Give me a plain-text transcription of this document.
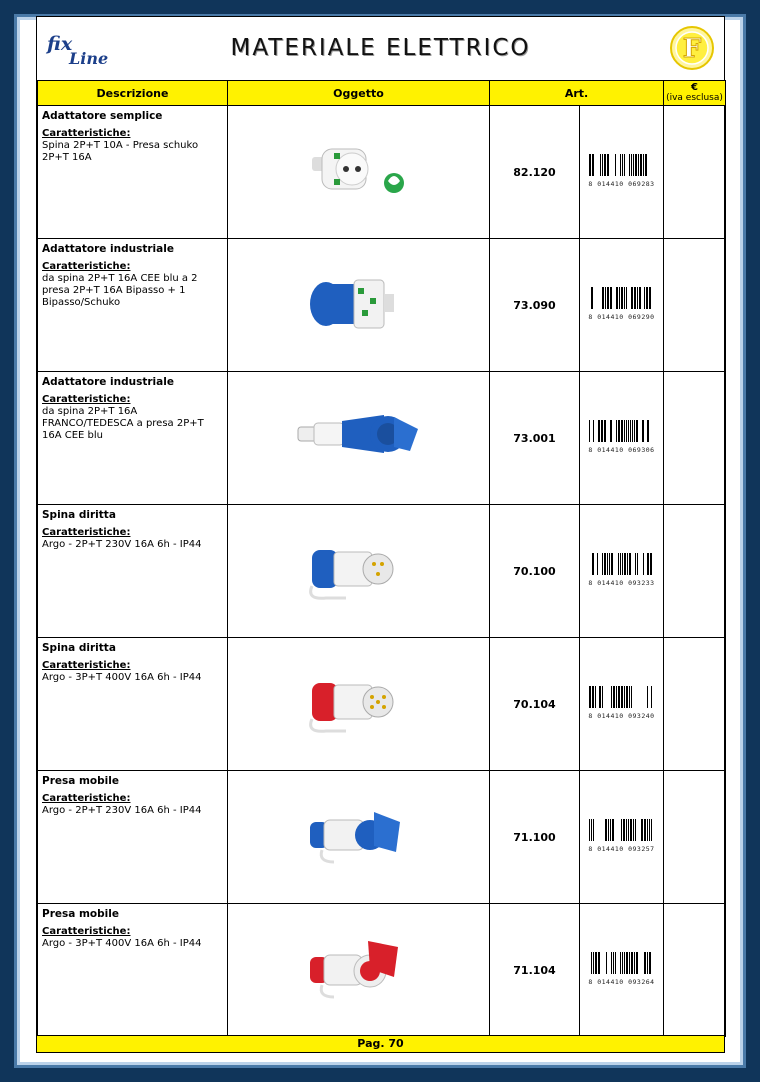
fix
Line	MATERIALE ELETTRICO	F
Descrizione	Oggetto	Art.		€
(iva esclusa)

Adattatore semplice
Caratteristiche:
Spina 2P+T 10A - Presa schuko 2P+T 16A		82.120	8 014410 069283	

Adattatore industriale
Caratteristiche:
da spina 2P+T 16A CEE blu a 2 presa 2P+T 16A Bipasso + 1 Bipasso/Schuko		73.090	8 014410 069290	

Adattatore industriale
Caratteristiche:
da spina 2P+T 16A FRANCO/TEDESCA a presa 2P+T 16A CEE blu		73.001	8 014410 069306	

Spina diritta
Caratteristiche:
Argo - 2P+T 230V 16A 6h - IP44		70.100	8 014410 093233	

Spina diritta
Caratteristiche:
Argo - 3P+T 400V 16A 6h - IP44		70.104	8 014410 093240	

Presa mobile
Caratteristiche:
Argo - 2P+T 230V 16A 6h - IP44		71.100	8 014410 093257	

Presa mobile
Caratteristiche:
Argo - 3P+T 400V 16A 6h - IP44		71.104	8 014410 093264	

Pag. 70
